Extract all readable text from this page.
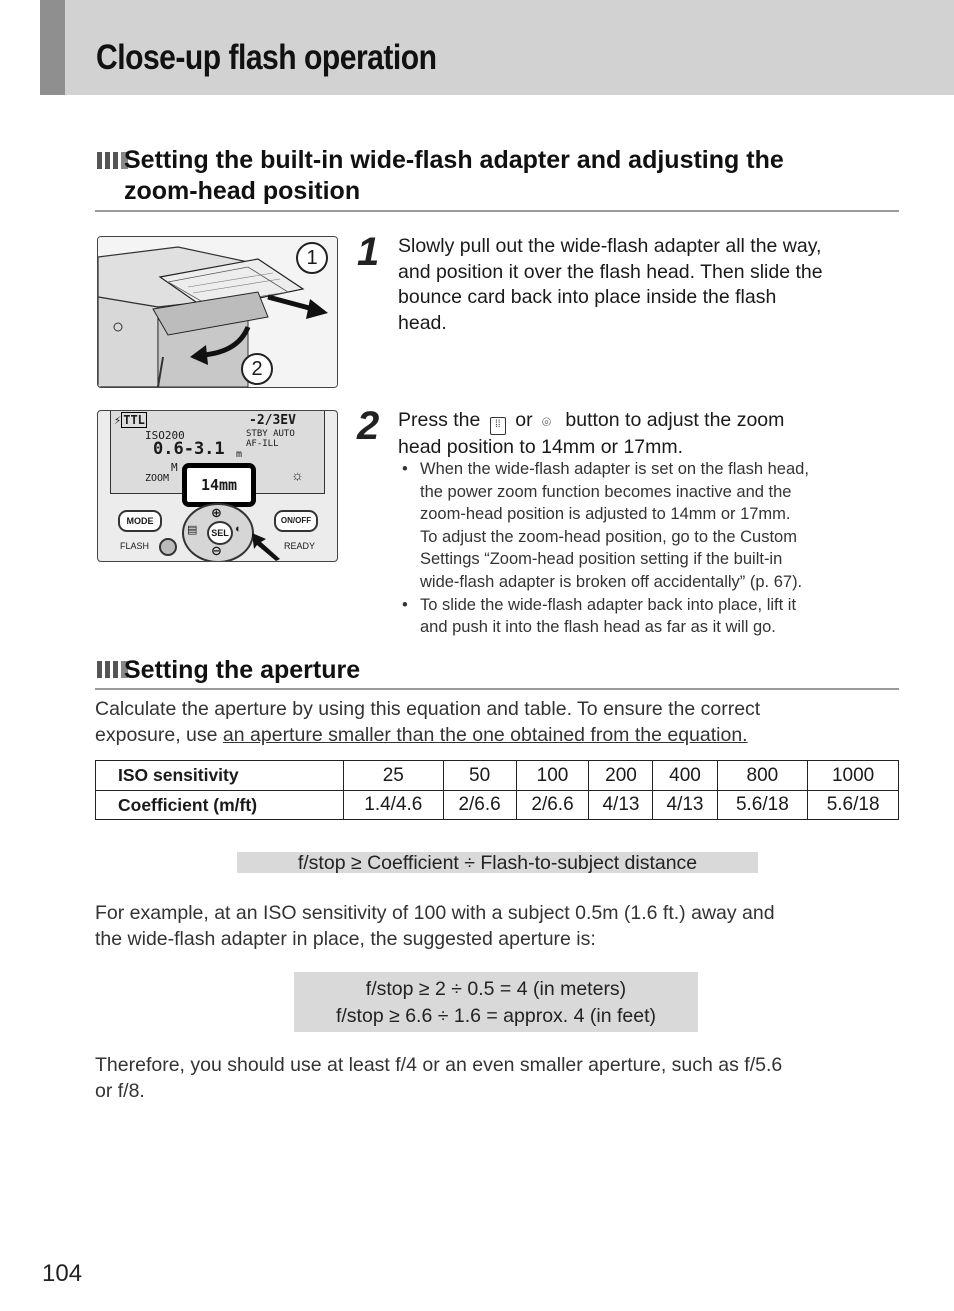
Close-up flash operation
Setting the built-in wide-flash adapter and adjusting the
zoom-head position
1
2
1 Slowly pull out the wide-flash adapter all the way,
and position it over the flash head. Then slide the
bounce card back into place inside the flash
head.
⚡ TTL	-2/3EV
ISO200	STBY AUTO
AF-ILL
0.6-3.1 m
M
ZOOM	☼
14mm
MODE	ON/OFF
SEL
⊕
⊖
▤	◐
FLASH	READY
2 Press the ⁞⁞ or ⌾ button to adjust the zoom
head position to 14mm or 17mm.
• When the wide-flash adapter is set on the flash head,
the power zoom function becomes inactive and the
zoom-head position is adjusted to 14mm or 17mm.
To adjust the zoom-head position, go to the Custom
Settings “Zoom-head position setting if the built-in
wide-flash adapter is broken off accidentally” (p. 67).
• To slide the wide-flash adapter back into place, lift it
and push it into the flash head as far as it will go.
Setting the aperture
Calculate the aperture by using this equation and table. To ensure the correct
exposure, use an aperture smaller than the one obtained from the equation.
ISO sensitivity	25	50	100	200	400	800	1000
Coefficient (m/ft)	1.4/4.6	2/6.6	2/6.6	4/13	4/13	5.6/18	5.6/18
f/stop ≥ Coefficient ÷ Flash-to-subject distance
For example, at an ISO sensitivity of 100 with a subject 0.5m (1.6 ft.) away and
the wide-flash adapter in place, the suggested aperture is:
f/stop ≥ 2 ÷ 0.5 = 4 (in meters)
f/stop ≥ 6.6 ÷ 1.6 = approx. 4 (in feet)
Therefore, you should use at least f/4 or an even smaller aperture, such as f/5.6
or f/8.
104
